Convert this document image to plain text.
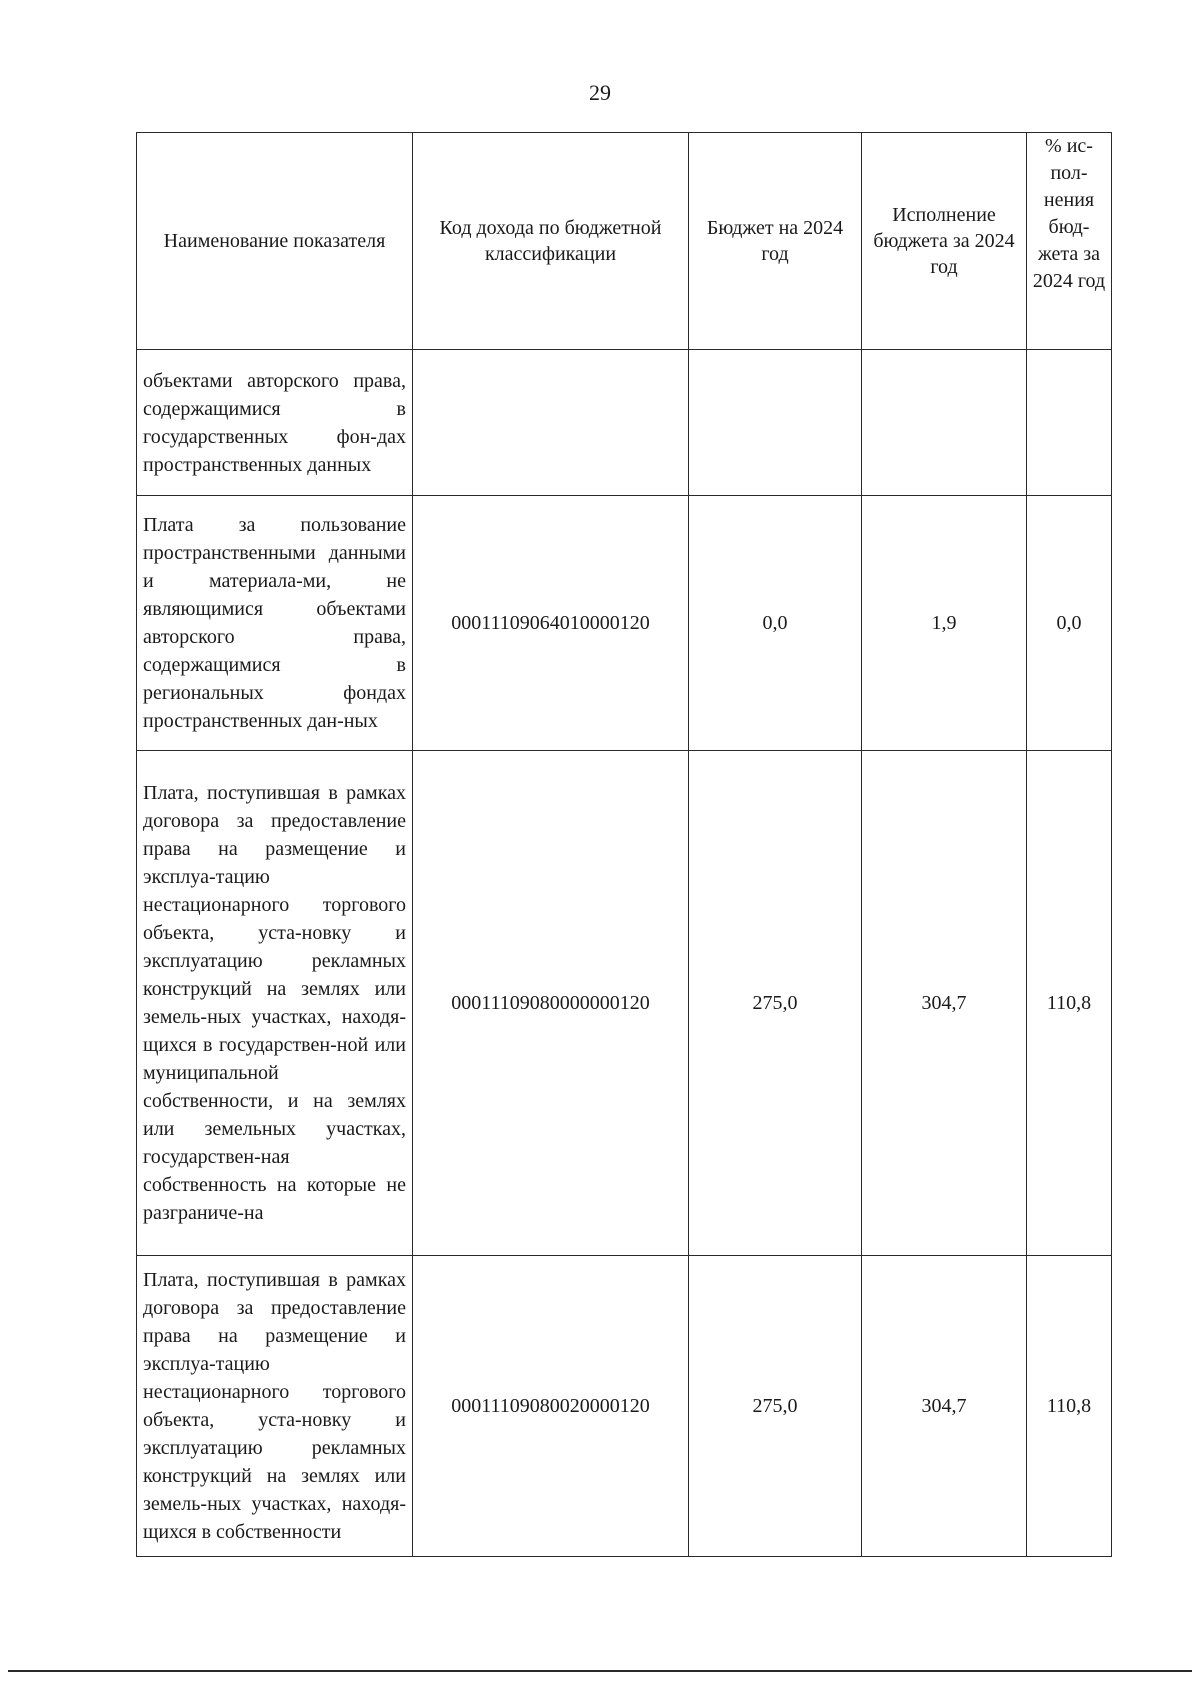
29
Наименование показателя	Код дохода по бюджетной классификации	Бюджет на 2024 год	Исполнение бюджета за 2024 год	% ис-пол-нения бюд-жета за 2024 год
объектами авторского права, содержащимися в государственных фон-дах пространственных данных				
Плата за пользование пространственными данными и материала-ми, не являющимися объектами авторского права, содержащимися в региональных фондах пространственных дан-ных	00011109064010000120	0,0	1,9	0,0
Плата, поступившая в рамках договора за предоставление права на размещение и эксплуа-тацию нестационарного торгового объекта, уста-новку и эксплуатацию рекламных конструкций на землях или земель-ных участках, находя-щихся в государствен-ной или муниципальной собственности, и на землях или земельных участках, государствен-ная собственность на которые не разграниче-на	00011109080000000120	275,0	304,7	110,8
Плата, поступившая в рамках договора за предоставление права на размещение и эксплуа-тацию нестационарного торгового объекта, уста-новку и эксплуатацию рекламных конструкций на землях или земель-ных участках, находя-щихся в собственности	00011109080020000120	275,0	304,7	110,8
